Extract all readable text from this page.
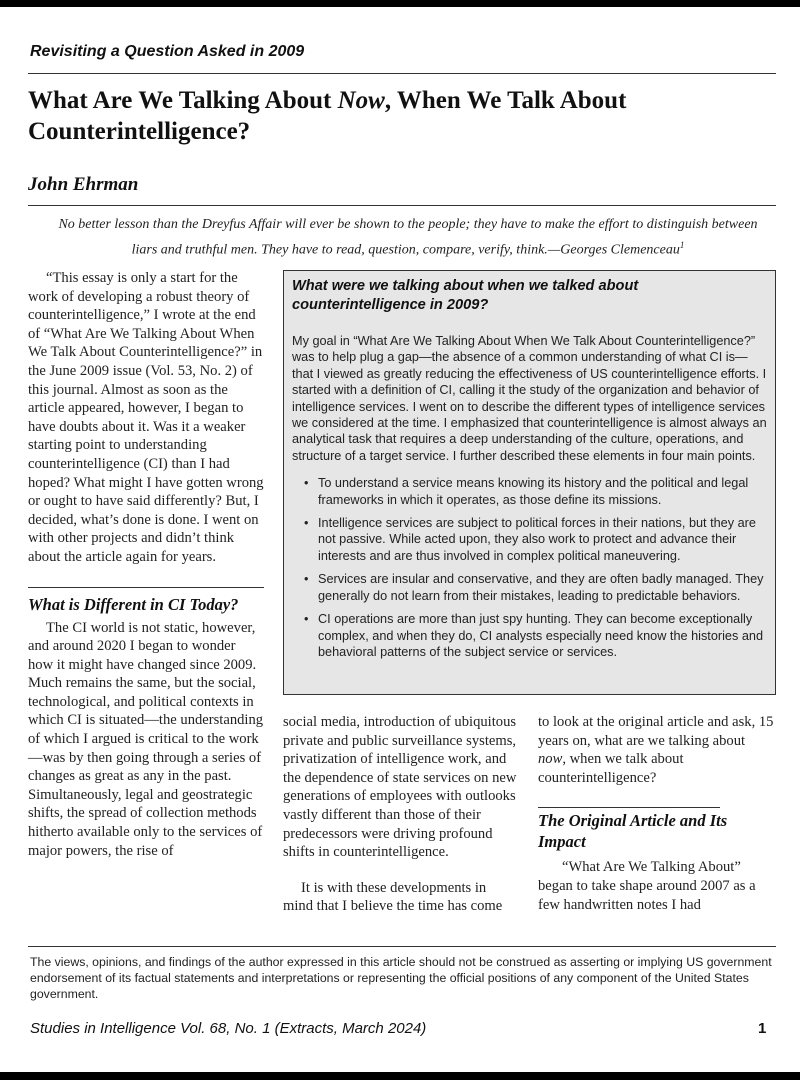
Revisiting a Question Asked in 2009
What Are We Talking About Now, When We Talk About Counterintelligence?
John Ehrman
No better lesson than the Dreyfus Affair will ever be shown to the people; they have to make the effort to distinguish between liars and truthful men. They have to read, question, compare, verify, think.—Georges Clemenceau$^1$

“This essay is only a start for the work of developing a robust theory of counterintelligence,” I wrote at the end of “What Are We Talking About When We Talk About Counterintelligence?” in the June 2009 issue (Vol. 53, No. 2) of this journal. Almost as soon as the article appeared, however, I began to have doubts about it. Was it a weaker starting point to understanding counterintelligence (CI) than I had hoped? What might I have gotten wrong or ought to have said differently? But, I decided, what’s done is done. I went on with other projects and didn’t think about the article again for years.

What is Different in CI Today?

The CI world is not static, however, and around 2020 I began to wonder how it might have changed since 2009. Much remains the same, but the social, technological, and political contexts in which CI is situated—the understanding of which I argued is critical to the work—was by then going through a series of changes as great as any in the past. Simultaneously, legal and geostrategic shifts, the spread of collection methods hitherto available only to the services of major powers, the rise of

What were we talking about when we talked about counterintelligence in 2009?
My goal in “What Are We Talking About When We Talk About Counterintelligence?” was to help plug a gap—the absence of a common understanding of what CI is—that I viewed as greatly reducing the effectiveness of US counterintelligence efforts. I started with a definition of CI, calling it the study of the organization and behavior of intelligence services. I went on to describe the different types of intelligence services we considered at the time. I emphasized that counterintelligence is almost always an analytical task that requires a deep understanding of the culture, operations, and structure of a target service. I further described these elements in four main points.
• To understand a service means knowing its history and the political and legal frameworks in which it operates, as those define its missions.
• Intelligence services are subject to political forces in their nations, but they are not passive. While acted upon, they also work to protect and advance their interests and are thus involved in complex political maneuvering.
• Services are insular and conservative, and they are often badly managed. They generally do not learn from their mistakes, leading to predictable behaviors.
• CI operations are more than just spy hunting. They can become exceptionally complex, and when they do, CI analysts especially need know the histories and behavioral patterns of the subject service or services.

social media, introduction of ubiquitous private and public surveillance systems, privatization of intelligence work, and the dependence of state services on new generations of employees with outlooks vastly different than those of their predecessors were driving profound shifts in counterintelligence.

It is with these developments in mind that I believe the time has come

to look at the original article and ask, 15 years on, what are we talking about now, when we talk about counterintelligence?

The Original Article and Its Impact

“What Are We Talking About” began to take shape around 2007 as a few handwritten notes I had

The views, opinions, and findings of the author expressed in this article should not be construed as asserting or implying US government endorsement of its factual statements and interpretations or representing the official positions of any component of the United States government.
Studies in Intelligence Vol. 68, No. 1 (Extracts, March 2024)	1
